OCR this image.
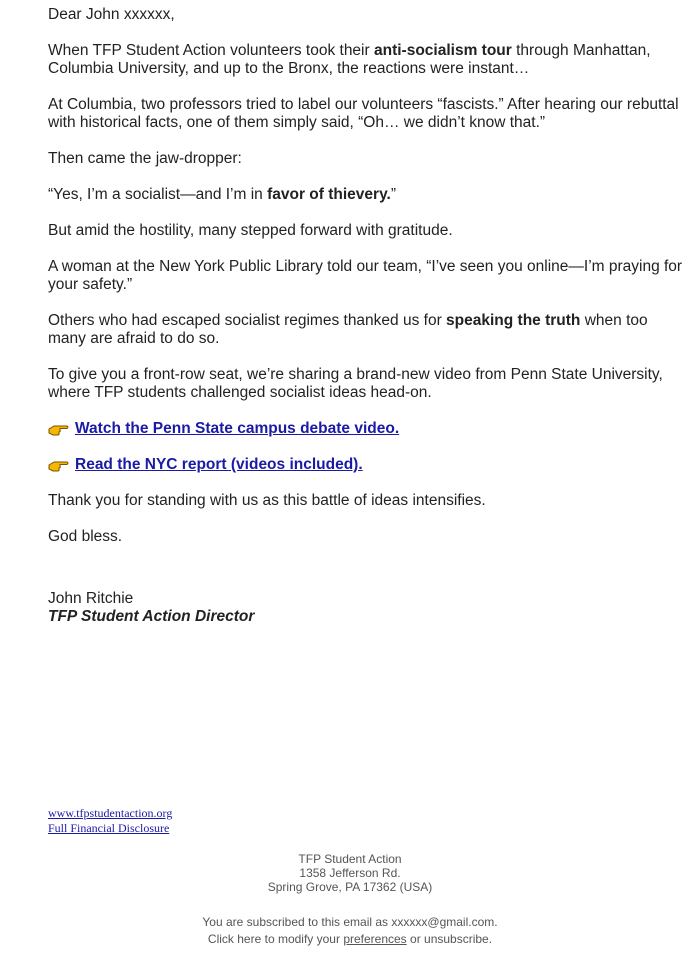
Dear John xxxxxx,

When TFP Student Action volunteers took their anti-socialism tour through Manhattan, Columbia University, and up to the Bronx, the reactions were instant…

At Columbia, two professors tried to label our volunteers “fascists.” After hearing our rebuttal with historical facts, one of them simply said, “Oh… we didn’t know that.”

Then came the jaw-dropper:

“Yes, I’m a socialist—and I’m in favor of thievery.”

But amid the hostility, many stepped forward with gratitude.

A woman at the New York Public Library told our team, “I’ve seen you online—I’m praying for your safety.”

Others who had escaped socialist regimes thanked us for speaking the truth when too many are afraid to do so.

To give you a front-row seat, we’re sharing a brand-new video from Penn State University, where TFP students challenged socialist ideas head-on.

Watch the Penn State campus debate video.
Read the NYC report (videos included).

Thank you for standing with us as this battle of ideas intensifies.

God bless.

John Ritchie
TFP Student Action Director
www.tfpstudentaction.org
Full Financial Disclosure
TFP Student Action
1358 Jefferson Rd.
Spring Grove, PA 17362 (USA)
You are subscribed to this email as xxxxxx@gmail.com.
Click here to modify your preferences or unsubscribe.
